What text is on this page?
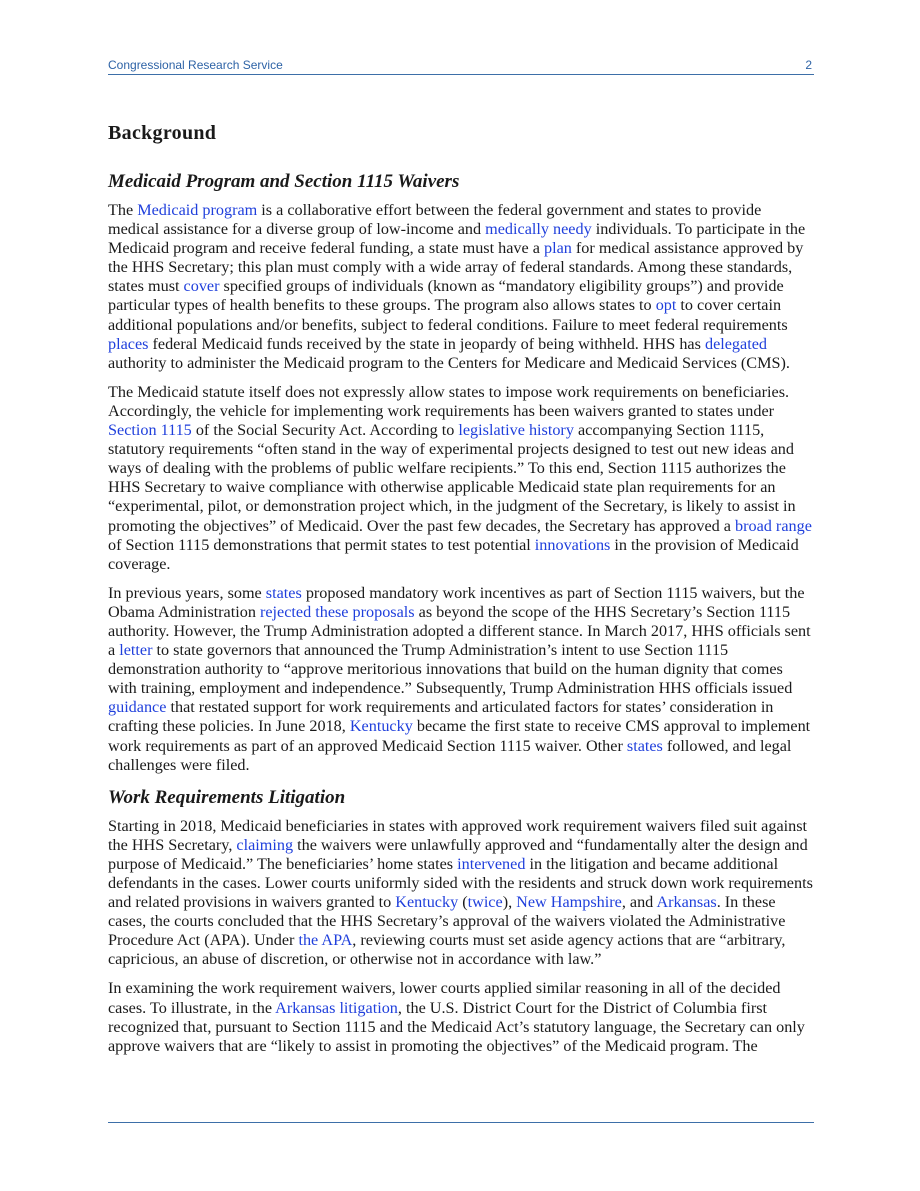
Congressional Research Service	2
Background
Medicaid Program and Section 1115 Waivers

The Medicaid program is a collaborative effort between the federal government and states to provide medical assistance for a diverse group of low-income and medically needy individuals. To participate in the Medicaid program and receive federal funding, a state must have a plan for medical assistance approved by the HHS Secretary; this plan must comply with a wide array of federal standards. Among these standards, states must cover specified groups of individuals (known as “mandatory eligibility groups”) and provide particular types of health benefits to these groups. The program also allows states to opt to cover certain additional populations and/or benefits, subject to federal conditions. Failure to meet federal requirements places federal Medicaid funds received by the state in jeopardy of being withheld. HHS has delegated authority to administer the Medicaid program to the Centers for Medicare and Medicaid Services (CMS).

The Medicaid statute itself does not expressly allow states to impose work requirements on beneficiaries. Accordingly, the vehicle for implementing work requirements has been waivers granted to states under Section 1115 of the Social Security Act. According to legislative history accompanying Section 1115, statutory requirements “often stand in the way of experimental projects designed to test out new ideas and ways of dealing with the problems of public welfare recipients.” To this end, Section 1115 authorizes the HHS Secretary to waive compliance with otherwise applicable Medicaid state plan requirements for an “experimental, pilot, or demonstration project which, in the judgment of the Secretary, is likely to assist in promoting the objectives” of Medicaid. Over the past few decades, the Secretary has approved a broad range of Section 1115 demonstrations that permit states to test potential innovations in the provision of Medicaid coverage.

In previous years, some states proposed mandatory work incentives as part of Section 1115 waivers, but the Obama Administration rejected these proposals as beyond the scope of the HHS Secretary’s Section 1115 authority. However, the Trump Administration adopted a different stance. In March 2017, HHS officials sent a letter to state governors that announced the Trump Administration’s intent to use Section 1115 demonstration authority to “approve meritorious innovations that build on the human dignity that comes with training, employment and independence.” Subsequently, Trump Administration HHS officials issued guidance that restated support for work requirements and articulated factors for states’ consideration in crafting these policies. In June 2018, Kentucky became the first state to receive CMS approval to implement work requirements as part of an approved Medicaid Section 1115 waiver. Other states followed, and legal challenges were filed.

Work Requirements Litigation

Starting in 2018, Medicaid beneficiaries in states with approved work requirement waivers filed suit against the HHS Secretary, claiming the waivers were unlawfully approved and “fundamentally alter the design and purpose of Medicaid.” The beneficiaries’ home states intervened in the litigation and became additional defendants in the cases. Lower courts uniformly sided with the residents and struck down work requirements and related provisions in waivers granted to Kentucky (twice), New Hampshire, and Arkansas. In these cases, the courts concluded that the HHS Secretary’s approval of the waivers violated the Administrative Procedure Act (APA). Under the APA, reviewing courts must set aside agency actions that are “arbitrary, capricious, an abuse of discretion, or otherwise not in accordance with law.”

In examining the work requirement waivers, lower courts applied similar reasoning in all of the decided cases. To illustrate, in the Arkansas litigation, the U.S. District Court for the District of Columbia first recognized that, pursuant to Section 1115 and the Medicaid Act’s statutory language, the Secretary can only approve waivers that are “likely to assist in promoting the objectives” of the Medicaid program. The
